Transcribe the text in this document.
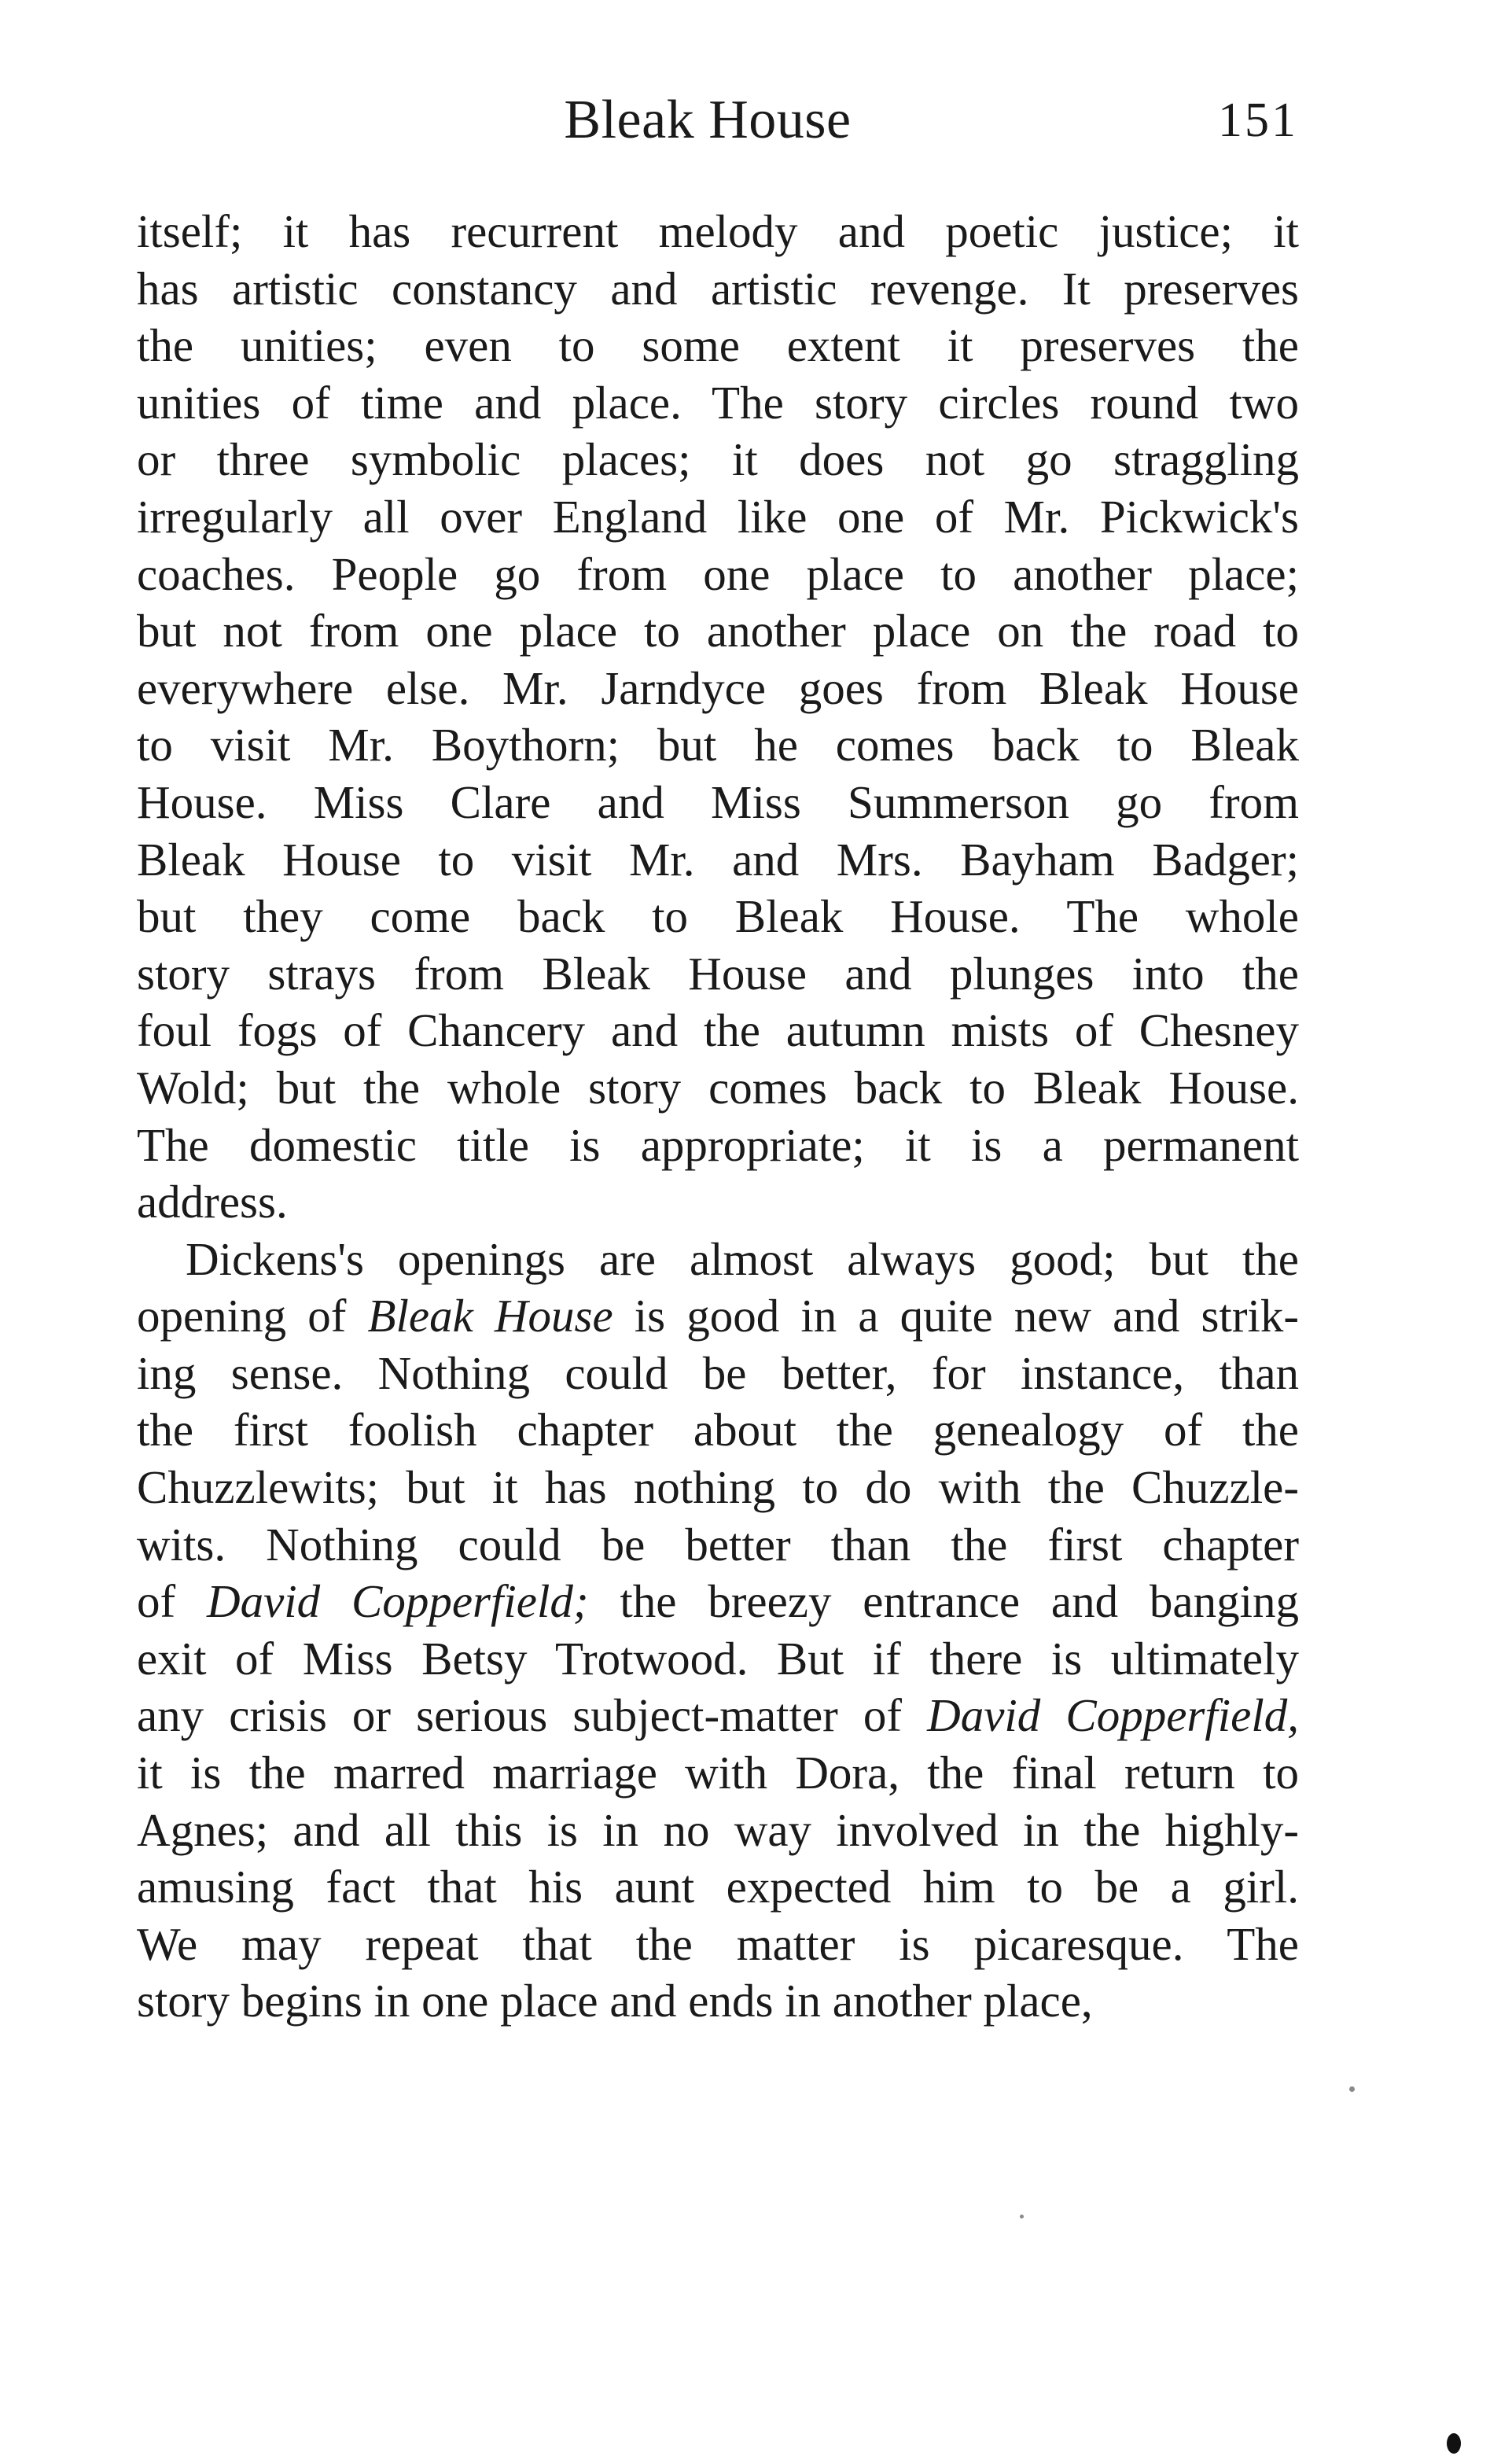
Bleak House	151
itself; it has recurrent melody and poetic justice; it
has artistic constancy and artistic revenge. It preserves
the unities; even to some extent it preserves the
unities of time and place. The story circles round two
or three symbolic places; it does not go straggling
irregularly all over England like one of Mr. Pickwick's
coaches. People go from one place to another place;
but not from one place to another place on the road to
everywhere else. Mr. Jarndyce goes from Bleak House
to visit Mr. Boythorn; but he comes back to Bleak
House. Miss Clare and Miss Summerson go from
Bleak House to visit Mr. and Mrs. Bayham Badger;
but they come back to Bleak House. The whole
story strays from Bleak House and plunges into the
foul fogs of Chancery and the autumn mists of Chesney
Wold; but the whole story comes back to Bleak House.
The domestic title is appropriate; it is a permanent
address.
Dickens's openings are almost always good; but the
opening of Bleak House is good in a quite new and strik-
ing sense. Nothing could be better, for instance, than
the first foolish chapter about the genealogy of the
Chuzzlewits; but it has nothing to do with the Chuzzle-
wits. Nothing could be better than the first chapter
of David Copperfield; the breezy entrance and banging
exit of Miss Betsy Trotwood. But if there is ultimately
any crisis or serious subject-matter of David Copperfield,
it is the marred marriage with Dora, the final return to
Agnes; and all this is in no way involved in the highly-
amusing fact that his aunt expected him to be a girl.
We may repeat that the matter is picaresque. The
story begins in one place and ends in another place,
